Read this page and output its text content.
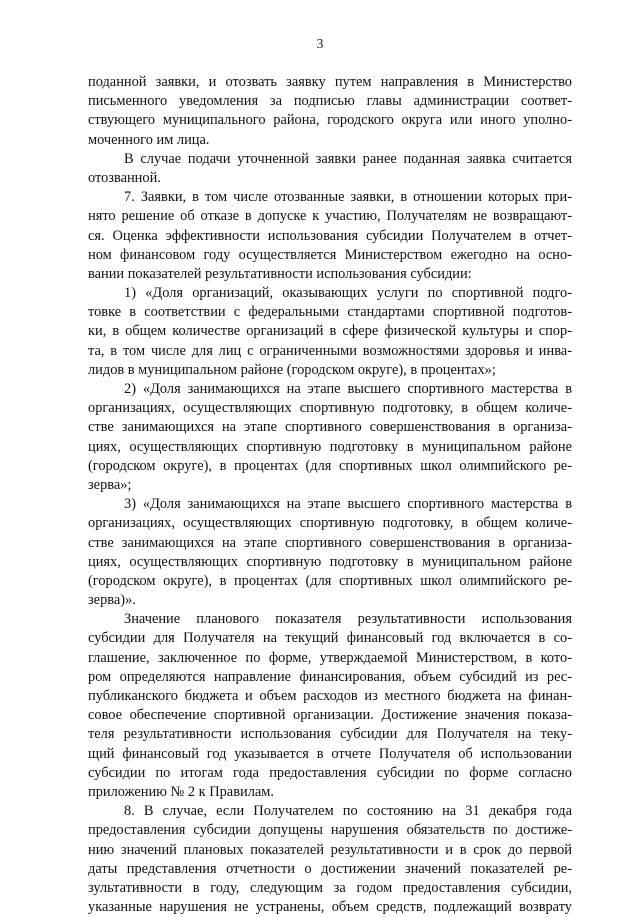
3
поданной заявки, и отозвать заявку путем направления в Министерство
письменного уведомления за подписью главы администрации соответ-
ствующего муниципального района, городского округа или иного уполно-
моченного им лица.
В случае подачи уточненной заявки ранее поданная заявка считается
отозванной.
7. Заявки, в том числе отозванные заявки, в отношении которых при-
нято решение об отказе в допуске к участию, Получателям не возвращают-
ся. Оценка эффективности использования субсидии Получателем в отчет-
ном финансовом году осуществляется Министерством ежегодно на осно-
вании показателей результативности использования субсидии:
1) «Доля организаций, оказывающих услуги по спортивной подго-
товке в соответствии с федеральными стандартами спортивной подготов-
ки, в общем количестве организаций в сфере физической культуры и спор-
та, в том числе для лиц с ограниченными возможностями здоровья и инва-
лидов в муниципальном районе (городском округе), в процентах»;
2) «Доля занимающихся на этапе высшего спортивного мастерства в
организациях, осуществляющих спортивную подготовку, в общем количе-
стве занимающихся на этапе спортивного совершенствования в организа-
циях, осуществляющих спортивную подготовку в муниципальном районе
(городском округе), в процентах (для спортивных школ олимпийского ре-
зерва»;
3) «Доля занимающихся на этапе высшего спортивного мастерства в
организациях, осуществляющих спортивную подготовку, в общем количе-
стве занимающихся на этапе спортивного совершенствования в организа-
циях, осуществляющих спортивную подготовку в муниципальном районе
(городском округе), в процентах (для спортивных школ олимпийского ре-
зерва)».
Значение планового показателя результативности использования
субсидии для Получателя на текущий финансовый год включается в со-
глашение, заключенное по форме, утверждаемой Министерством, в кото-
ром определяются направление финансирования, объем субсидий из рес-
публиканского бюджета и объем расходов из местного бюджета на финан-
совое обеспечение спортивной организации. Достижение значения показа-
теля результативности использования субсидии для Получателя на теку-
щий финансовый год указывается в отчете Получателя об использовании
субсидии по итогам года предоставления субсидии по форме согласно
приложению № 2 к Правилам.
8. В случае, если Получателем по состоянию на 31 декабря года
предоставления субсидии допущены нарушения обязательств по достиже-
нию значений плановых показателей результативности и в срок до первой
даты представления отчетности о достижении значений показателей ре-
зультативности в году, следующим за годом предоставления субсидии,
указанные нарушения не устранены, объем средств, подлежащий возврату
